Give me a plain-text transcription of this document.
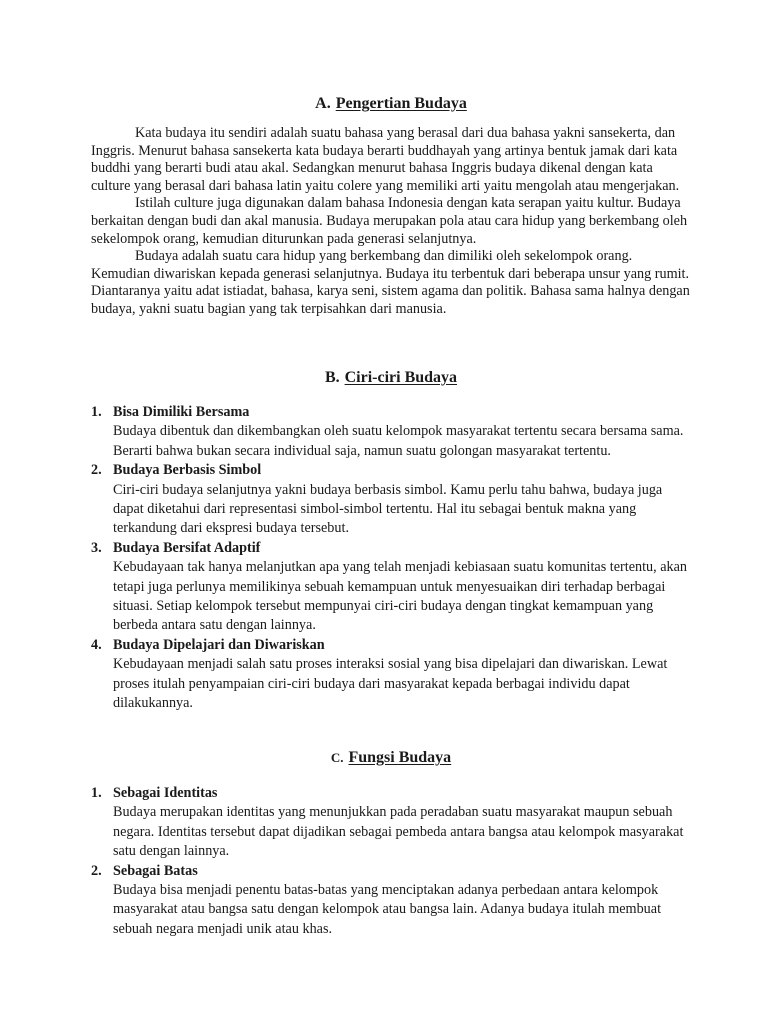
A. Pengertian Budaya

Kata budaya itu sendiri adalah suatu bahasa yang berasal dari dua bahasa yakni sansekerta, dan Inggris. Menurut bahasa sansekerta kata budaya berarti buddhayah yang artinya bentuk jamak dari kata buddhi yang berarti budi atau akal. Sedangkan menurut bahasa Inggris budaya dikenal dengan kata culture yang berasal dari bahasa latin yaitu colere yang memiliki arti yaitu mengolah atau mengerjakan.

Istilah culture juga digunakan dalam bahasa Indonesia dengan kata serapan yaitu kultur. Budaya berkaitan dengan budi dan akal manusia. Budaya merupakan pola atau cara hidup yang berkembang oleh sekelompok orang, kemudian diturunkan pada generasi selanjutnya.

Budaya adalah suatu cara hidup yang berkembang dan dimiliki oleh sekelompok orang. Kemudian diwariskan kepada generasi selanjutnya. Budaya itu terbentuk dari beberapa unsur yang rumit. Diantaranya yaitu adat istiadat, bahasa, karya seni, sistem agama dan politik. Bahasa sama halnya dengan budaya, yakni suatu bagian yang tak terpisahkan dari manusia.

B. Ciri-ciri Budaya
1. Bisa Dimiliki Bersama
Budaya dibentuk dan dikembangkan oleh suatu kelompok masyarakat tertentu secara bersama sama. Berarti bahwa bukan secara individual saja, namun suatu golongan masyarakat tertentu.
2. Budaya Berbasis Simbol
Ciri-ciri budaya selanjutnya yakni budaya berbasis simbol. Kamu perlu tahu bahwa, budaya juga dapat diketahui dari representasi simbol-simbol tertentu. Hal itu sebagai bentuk makna yang terkandung dari ekspresi budaya tersebut.
3. Budaya Bersifat Adaptif
Kebudayaan tak hanya melanjutkan apa yang telah menjadi kebiasaan suatu komunitas tertentu, akan tetapi juga perlunya memilikinya sebuah kemampuan untuk menyesuaikan diri terhadap berbagai situasi. Setiap kelompok tersebut mempunyai ciri-ciri budaya dengan tingkat kemampuan yang berbeda antara satu dengan lainnya.
4. Budaya Dipelajari dan Diwariskan
Kebudayaan menjadi salah satu proses interaksi sosial yang bisa dipelajari dan diwariskan. Lewat proses itulah penyampaian ciri-ciri budaya dari masyarakat kepada berbagai individu dapat dilakukannya.
C. Fungsi Budaya
1. Sebagai Identitas
Budaya merupakan identitas yang menunjukkan pada peradaban suatu masyarakat maupun sebuah negara. Identitas tersebut dapat dijadikan sebagai pembeda antara bangsa atau kelompok masyarakat satu dengan lainnya.
2. Sebagai Batas
Budaya bisa menjadi penentu batas-batas yang menciptakan adanya perbedaan antara kelompok masyarakat atau bangsa satu dengan kelompok atau bangsa lain. Adanya budaya itulah membuat sebuah negara menjadi unik atau khas.
